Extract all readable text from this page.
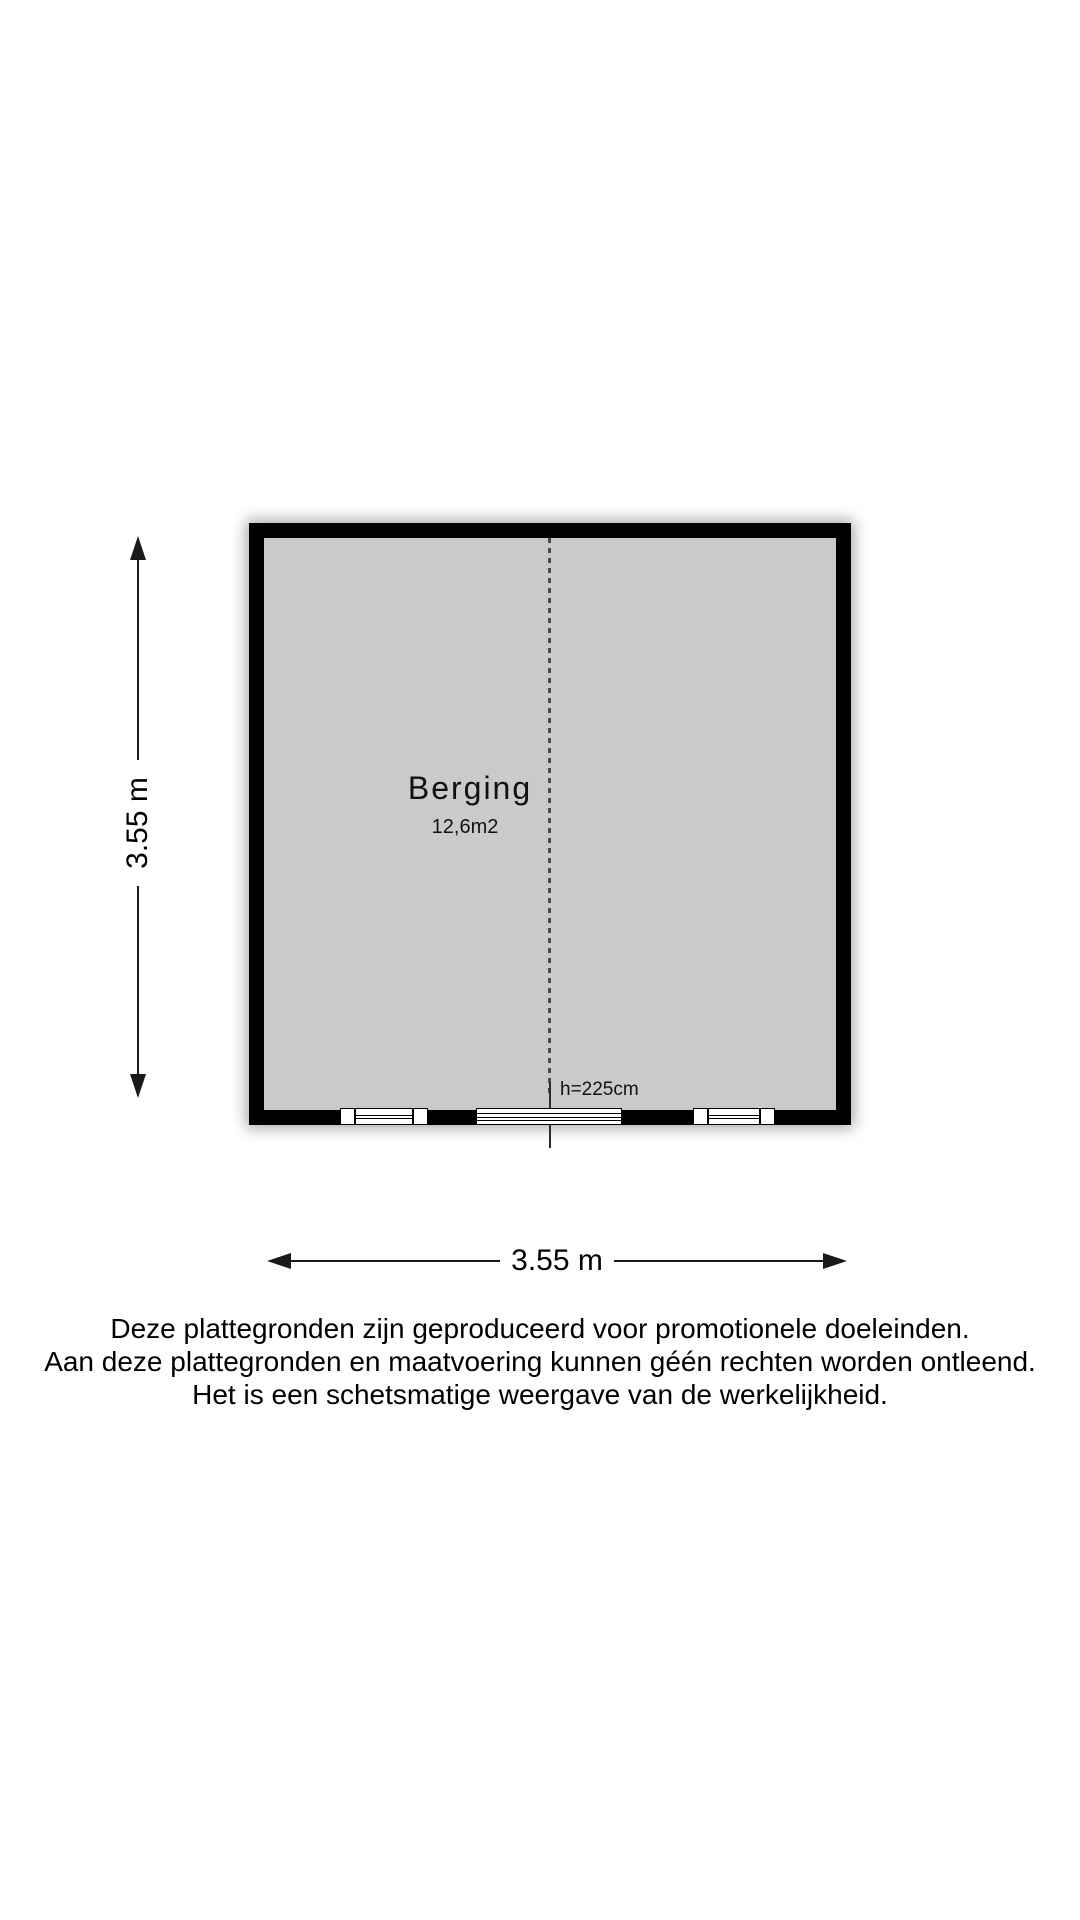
Berging
12,6m2
h=225cm
3.55 m
3.55 m
Deze plattegronden zijn geproduceerd voor promotionele doeleinden.
Aan deze plattegronden en maatvoering kunnen géén rechten worden ontleend.
Het is een schetsmatige weergave van de werkelijkheid.
